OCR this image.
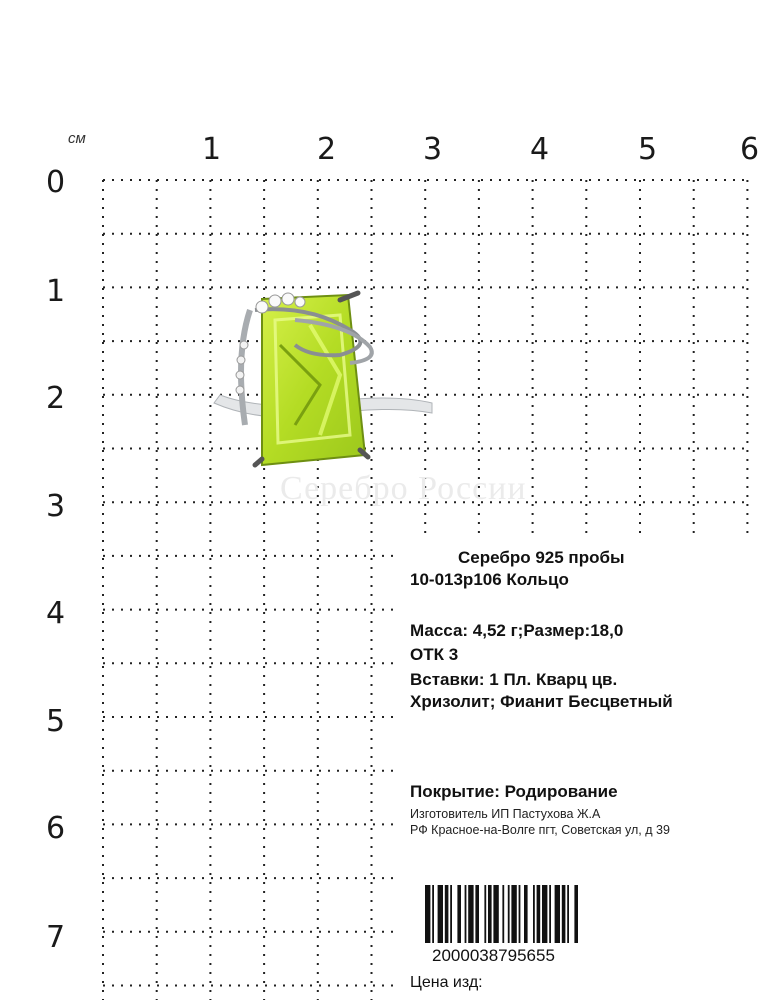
см	1	2	3	4	5	6
0
1
2
3
4
5
6
7
Серебро России
Серебро 925 пробы
10-013р106 Кольцо
Масса: 4,52 г;Размер:18,0
ОТК 3
Вставки: 1 Пл. Кварц цв.
Хризолит; Фианит Бесцветный
Покрытие: Родирование
Изготовитель ИП Пастухова Ж.А
РФ Красное-на-Волге пгт, Советская ул, д 39
2000038795655
Цена изд:
